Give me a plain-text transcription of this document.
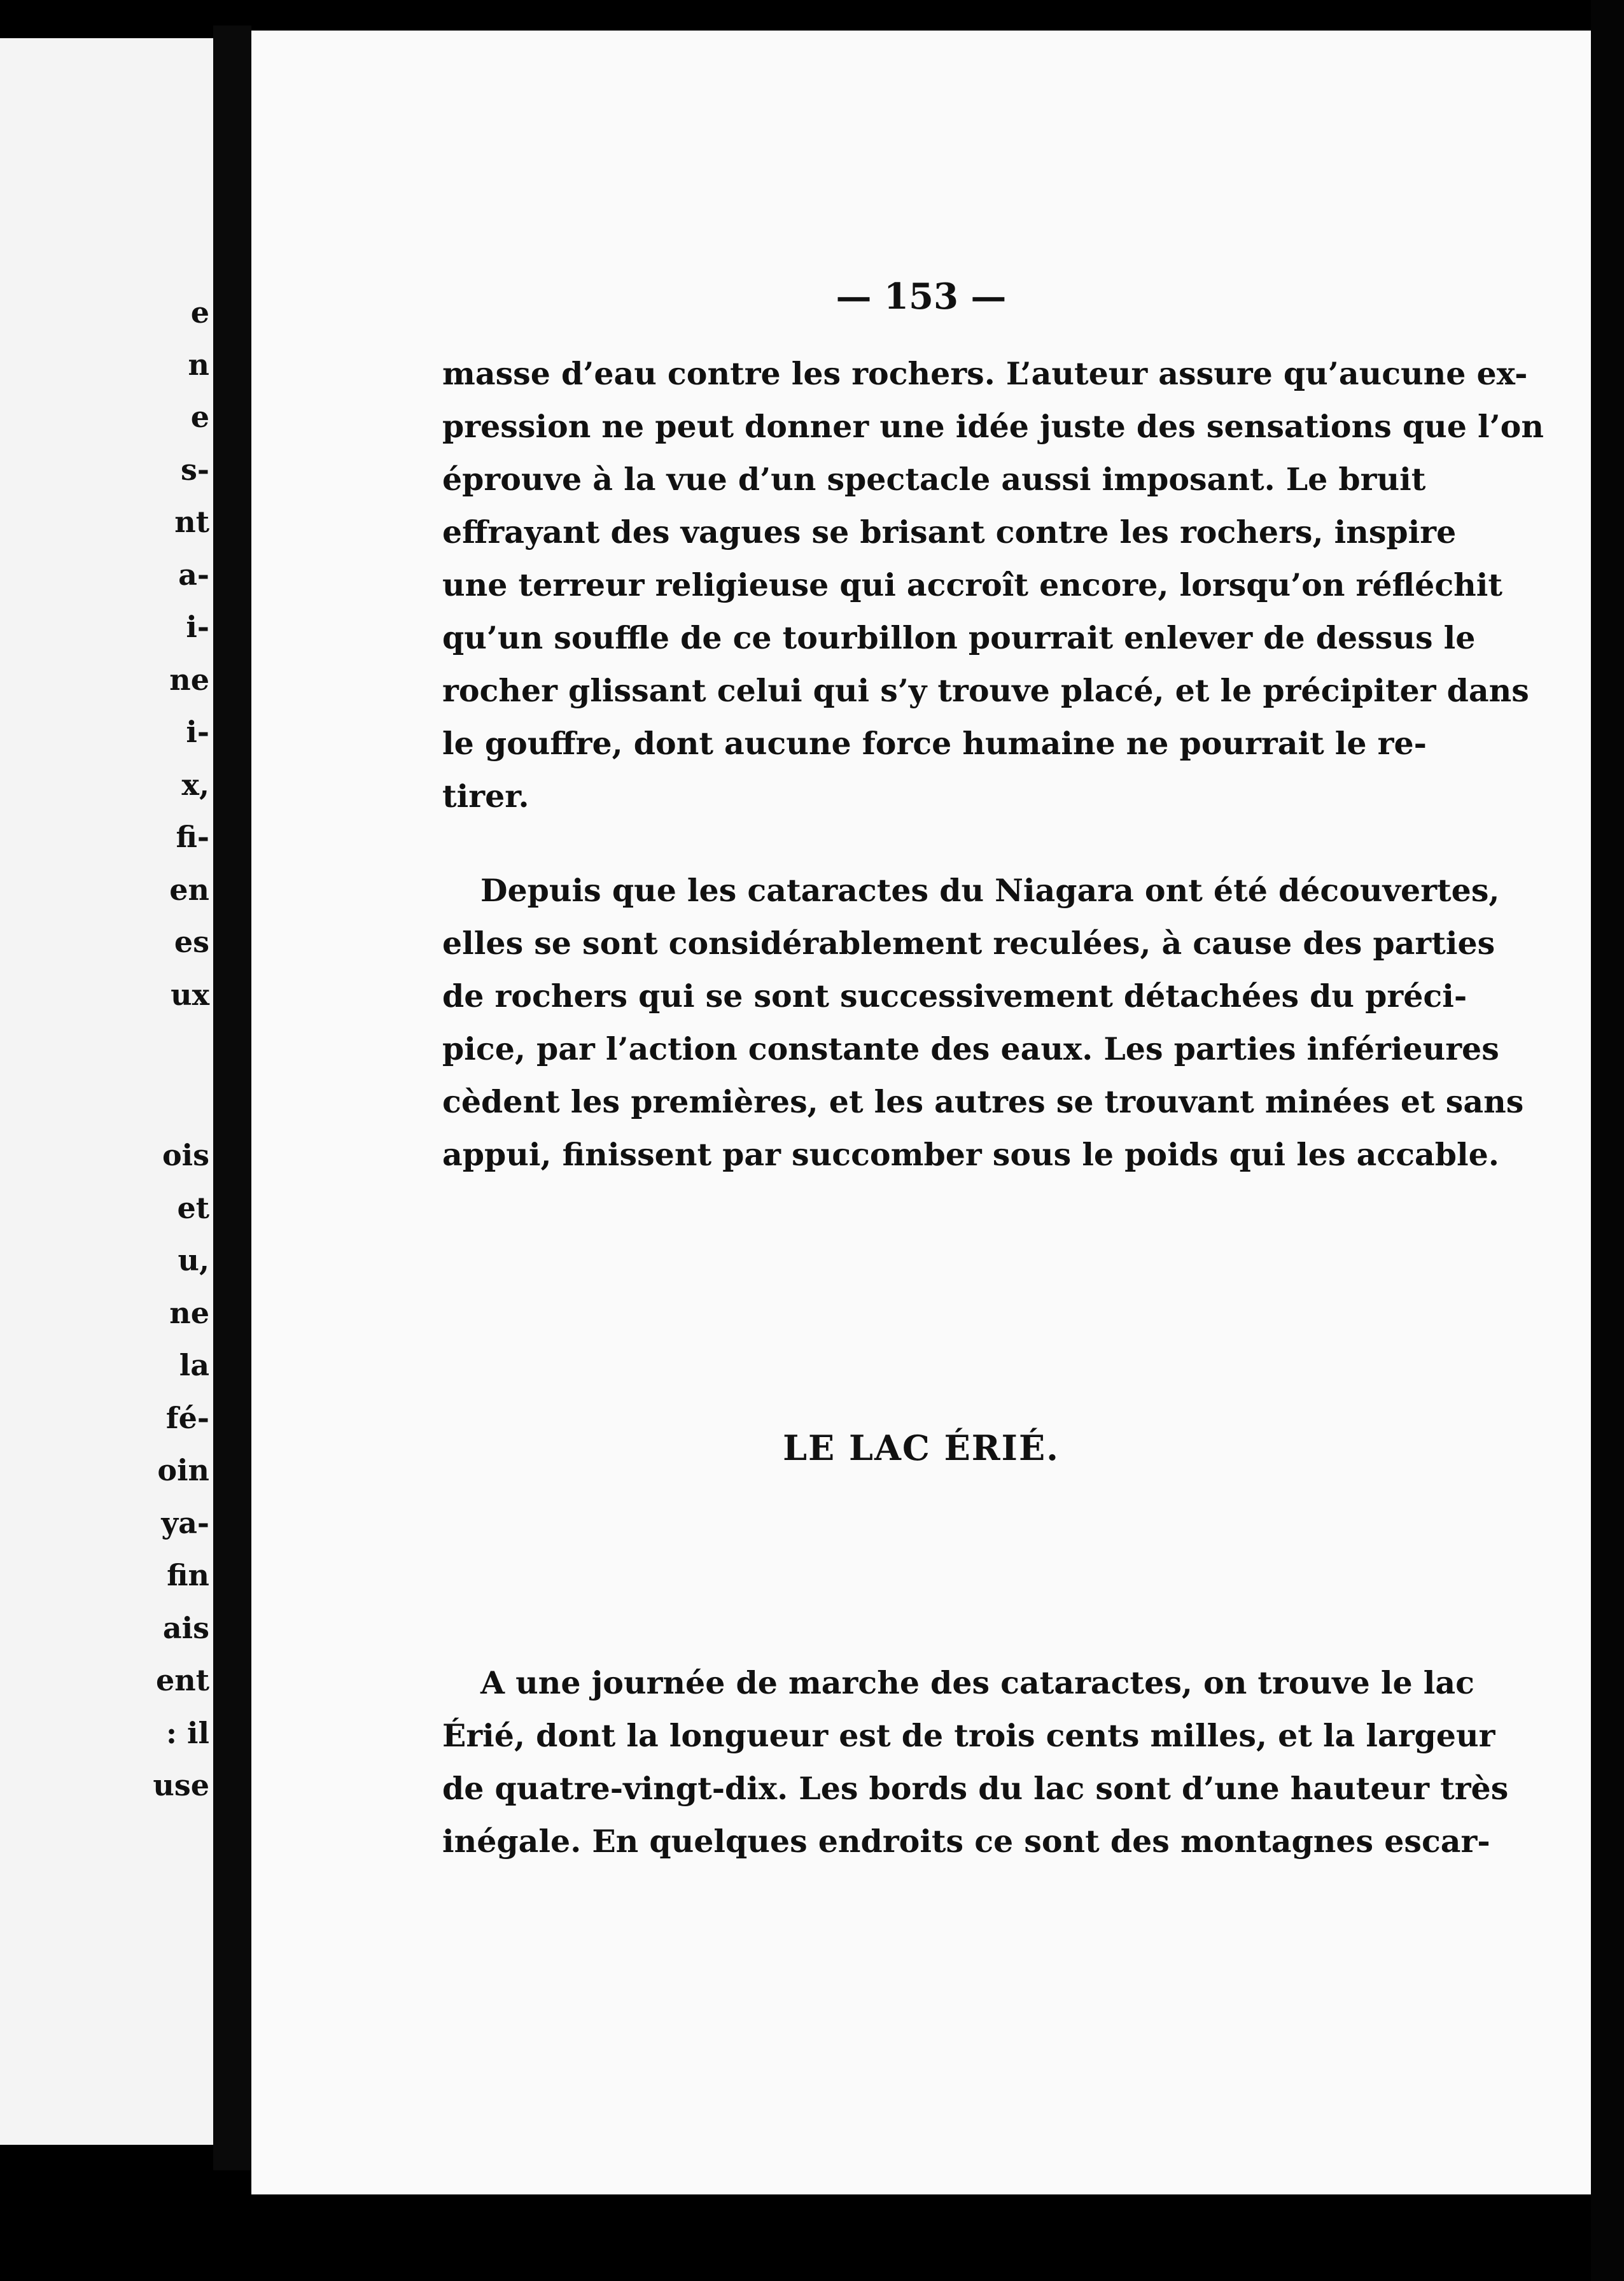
e
n
e
s-
nt
a-
i-
ne
i-
x,
fi-
en
es
ux
ois
et
u,
ne
la
fé-
oin
ya-
fin
ais
ent
: il
use
— 153 —

masse d’eau contre les rochers. L’auteur assure qu’aucune ex-
pression ne peut donner une idée juste des sensations que l’on
éprouve à la vue d’un spectacle aussi imposant. Le bruit
effrayant des vagues se brisant contre les rochers, inspire
une terreur religieuse qui accroît encore, lorsqu’on réfléchit
qu’un souffle de ce tourbillon pourrait enlever de dessus le
rocher glissant celui qui s’y trouve placé, et le précipiter dans
le gouffre, dont aucune force humaine ne pourrait le re-
tirer.

Depuis que les cataractes du Niagara ont été découvertes,
elles se sont considérablement reculées, à cause des parties
de rochers qui se sont successivement détachées du préci-
pice, par l’action constante des eaux. Les parties inférieures
cèdent les premières, et les autres se trouvant minées et sans
appui, finissent par succomber sous le poids qui les accable.

LE LAC ÉRIÉ.

A une journée de marche des cataractes, on trouve le lac
Érié, dont la longueur est de trois cents milles, et la largeur
de quatre-vingt-dix. Les bords du lac sont d’une hauteur très
inégale. En quelques endroits ce sont des montagnes escar-
